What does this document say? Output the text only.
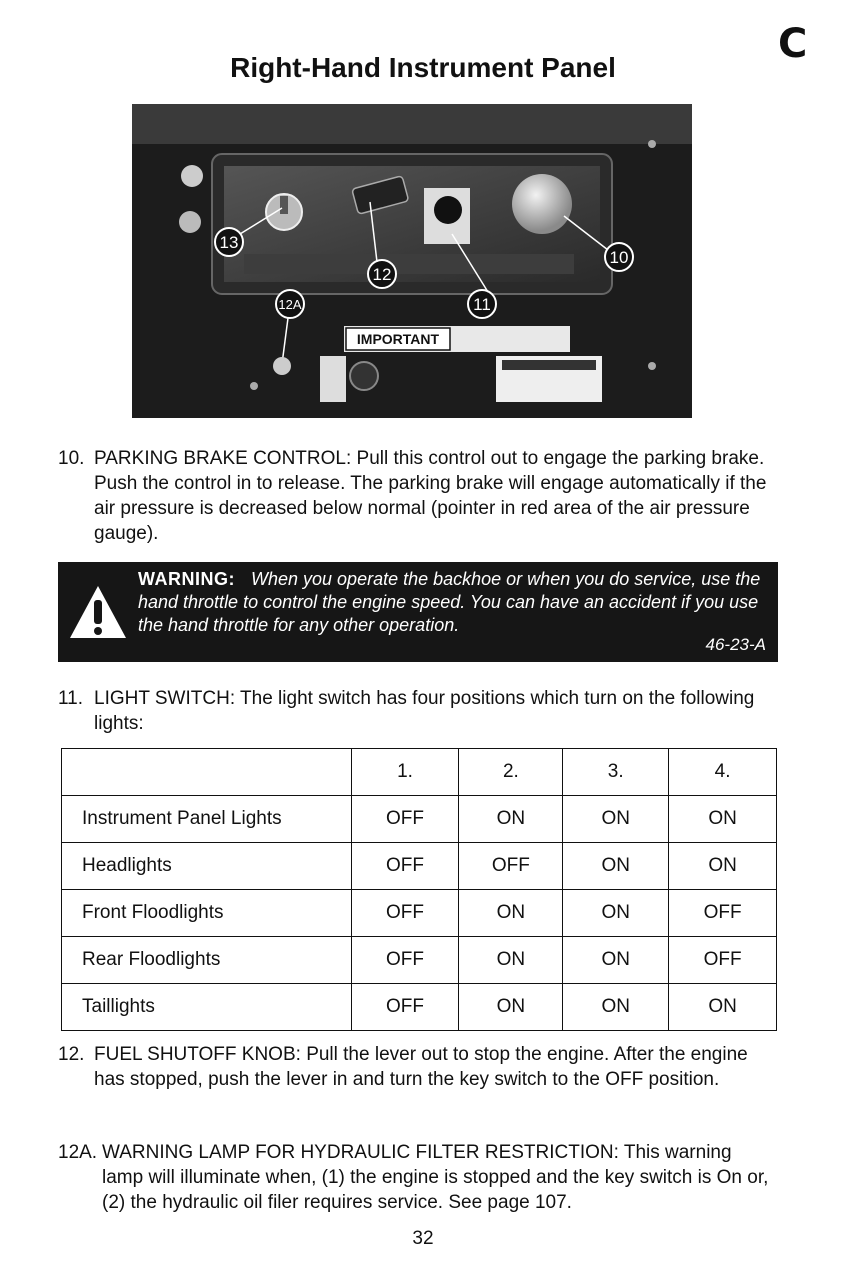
C
Right-Hand Instrument Panel
13
12
10
12A	11
IMPORTANT
10. PARKING BRAKE CONTROL: Pull this control out to engage the parking brake. Push the control in to release. The parking brake will engage automatically if the air pressure is decreased below normal (pointer in red area of the air pressure gauge).
WARNING: When you operate the backhoe or when you do service, use the hand throttle to control the engine speed. You can have an accident if you use the hand throttle for any other operation.
46-23-A
11. LIGHT SWITCH: The light switch has four positions which turn on the following lights:
	1.	2.	3.	4.
Instrument Panel Lights	OFF	ON	ON	ON
Headlights	OFF	OFF	ON	ON
Front Floodlights	OFF	ON	ON	OFF
Rear Floodlights	OFF	ON	ON	OFF
Taillights	OFF	ON	ON	ON
12. FUEL SHUTOFF KNOB: Pull the lever out to stop the engine. After the engine has stopped, push the lever in and turn the key switch to the OFF position.
12A. WARNING LAMP FOR HYDRAULIC FILTER RESTRICTION: This warning lamp will illuminate when, (1) the engine is stopped and the key switch is On or, (2) the hydraulic oil filer requires service. See page 107.
32
